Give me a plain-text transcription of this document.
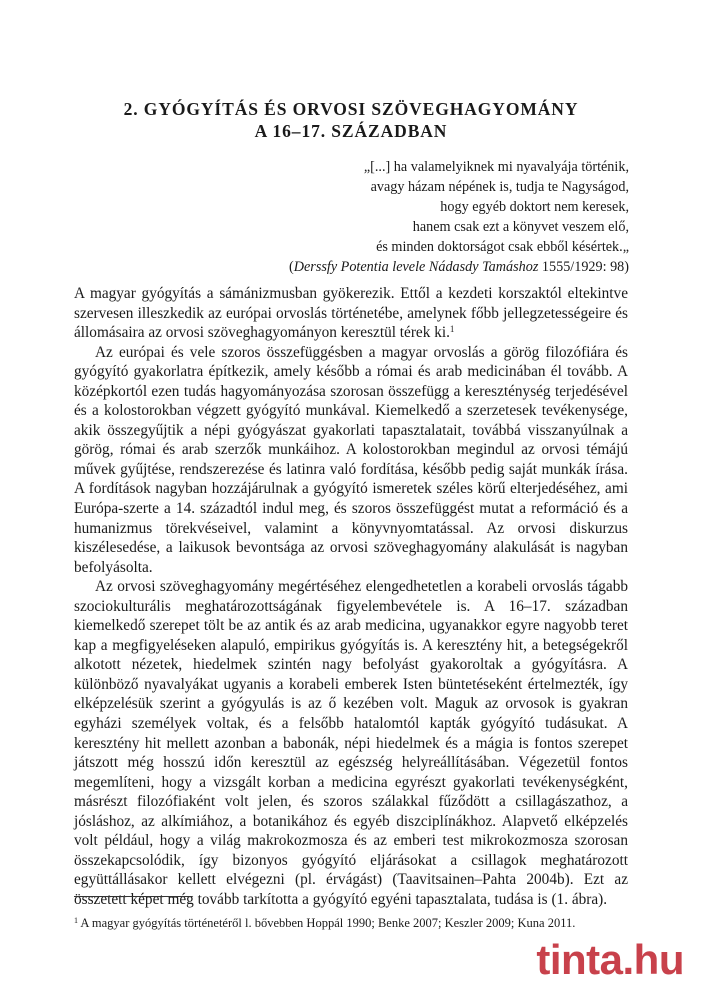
2. GYÓGYÍTÁS ÉS ORVOSI SZÖVEGHAGYOMÁNY
A 16–17. SZÁZADBAN
„[...] ha valamelyiknek mi nyavalyája történik,
avagy házam népének is, tudja te Nagyságod,
hogy egyéb doktort nem keresek,
hanem csak ezt a könyvet veszem elő,
és minden doktorságot csak ebből késértek.„
(Derssfy Potentia levele Nádasdy Tamáshoz 1555/1929: 98)

A magyar gyógyítás a sámánizmusban gyökerezik. Ettől a kezdeti korszaktól eltekintve szervesen illeszkedik az európai orvoslás történetébe, amelynek főbb jellegzetességeire és állomásaira az orvosi szöveghagyományon keresztül térek ki.$^1$

Az európai és vele szoros összefüggésben a magyar orvoslás a görög filozófiára és gyógyító gyakorlatra építkezik, amely később a római és arab medicinában él tovább. A középkortól ezen tudás hagyományozása szorosan összefügg a kereszténység terjedésével és a kolostorokban végzett gyógyító munkával. Kiemelkedő a szerzetesek tevékenysége, akik összegyűjtik a népi gyógyászat gyakorlati tapasztalatait, továbbá visszanyúlnak a görög, római és arab szerzők munkáihoz. A kolostorokban megindul az orvosi témájú művek gyűjtése, rendszerezése és latinra való fordítása, később pedig saját munkák írása. A fordítások nagyban hozzájárulnak a gyógyító ismeretek széles körű elterjedéséhez, ami Európa-szerte a 14. századtól indul meg, és szoros összefüggést mutat a reformáció és a humanizmus törekvéseivel, valamint a könyvnyomtatással. Az orvosi diskurzus kiszélesedése, a laikusok bevontsága az orvosi szöveghagyomány alakulását is nagyban befolyásolta.

Az orvosi szöveghagyomány megértéséhez elengedhetetlen a korabeli orvoslás tágabb szociokulturális meghatározottságának figyelembevétele is. A 16–17. században kiemelkedő szerepet tölt be az antik és az arab medicina, ugyanakkor egyre nagyobb teret kap a megfigyeléseken alapuló, empirikus gyógyítás is. A keresztény hit, a betegségekről alkotott nézetek, hiedelmek szintén nagy befolyást gyakoroltak a gyógyításra. A különböző nyavalyákat ugyanis a korabeli emberek Isten büntetéseként értelmezték, így elképzelésük szerint a gyógyulás is az ő kezében volt. Maguk az orvosok is gyakran egyházi személyek voltak, és a felsőbb hatalomtól kapták gyógyító tudásukat. A keresztény hit mellett azonban a babonák, népi hiedelmek és a mágia is fontos szerepet játszott még hosszú időn keresztül az egészség helyreállításában. Végezetül fontos megemlíteni, hogy a vizsgált korban a medicina egyrészt gyakorlati tevékenységként, másrészt filozófiaként volt jelen, és szoros szálakkal fűződött a csillagászathoz, a jósláshoz, az alkímiához, a botanikához és egyéb diszciplínákhoz. Alapvető elképzelés volt például, hogy a világ makrokozmosza és az emberi test mikrokozmosza szorosan összekapcsolódik, így bizonyos gyógyító eljárásokat a csillagok meghatározott együttállásakor kellett elvégezni (pl. érvágást) (Taavitsainen–Pahta 2004b). Ezt az összetett képet még tovább tarkította a gyógyító egyéni tapasztalata, tudása is (1. ábra).

$^1$ A magyar gyógyítás történetéről l. bővebben Hoppál 1990; Benke 2007; Keszler 2009; Kuna 2011.
tinta.hu
